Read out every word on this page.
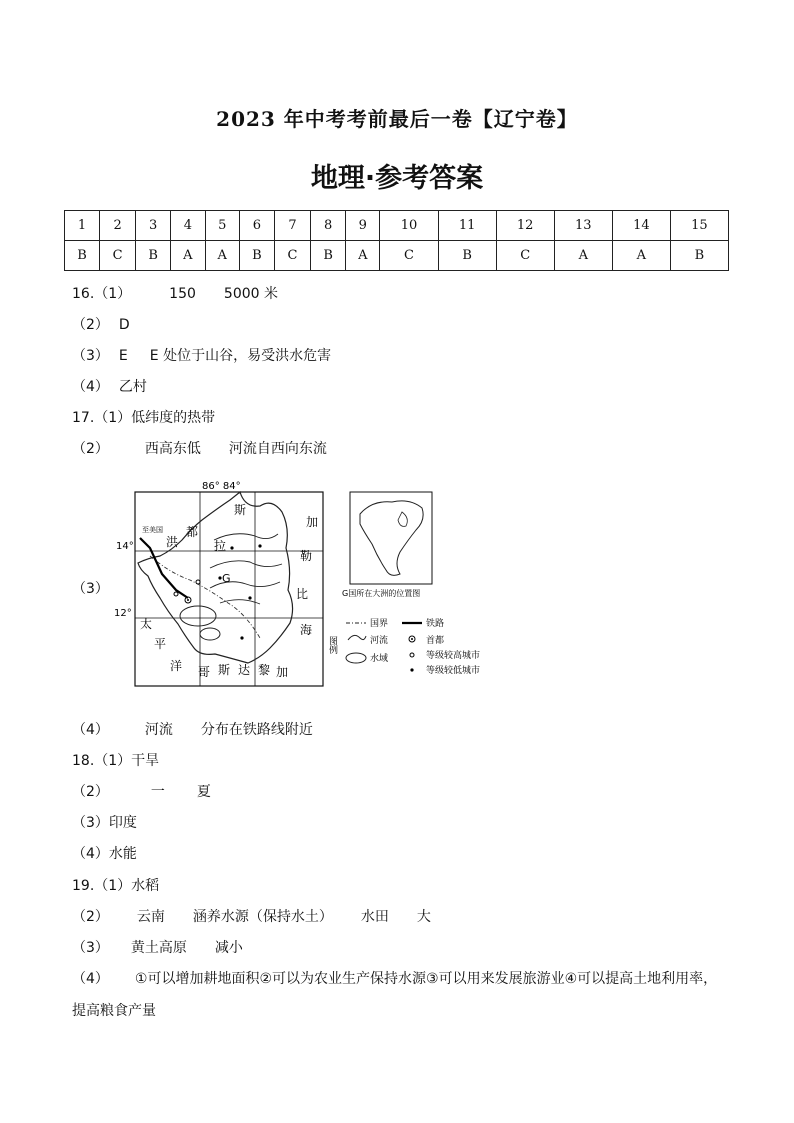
2023 年中考考前最后一卷【辽宁卷】
地理·参考答案
1	2	3	4	5	6	7	8	9	10	11	12	13	14	15
B	C	B	A	A	B	C	B	A	C	B	C	A	A	B
16.（1）	150 5000 米
（2） D
（3） E E 处位于山谷，易受洪水危害
（4） 乙村
17.（1）低纬度的热带
（2）	西高东低 河流自西向东流
（3）
86° 84°
14°
12°
至美国
G
洪
都
拉
斯
加
勒
比
海
太
平
洋 哥 斯 达 黎 加
G国所在大洲的位置图
图例
国界	铁路
河流	首都
水域	等级较高城市
等级较低城市
（4）	河流 分布在铁路线附近
18.（1）干旱
（2）	一 夏
（3）印度
（4）水能
19.（1）水稻
（2） 云南 涵养水源（保持水土） 水田 大
（3） 黄土高原 减小
（4） ①可以增加耕地面积②可以为农业生产保持水源③可以用来发展旅游业④可以提高土地利用率，
提高粮食产量
